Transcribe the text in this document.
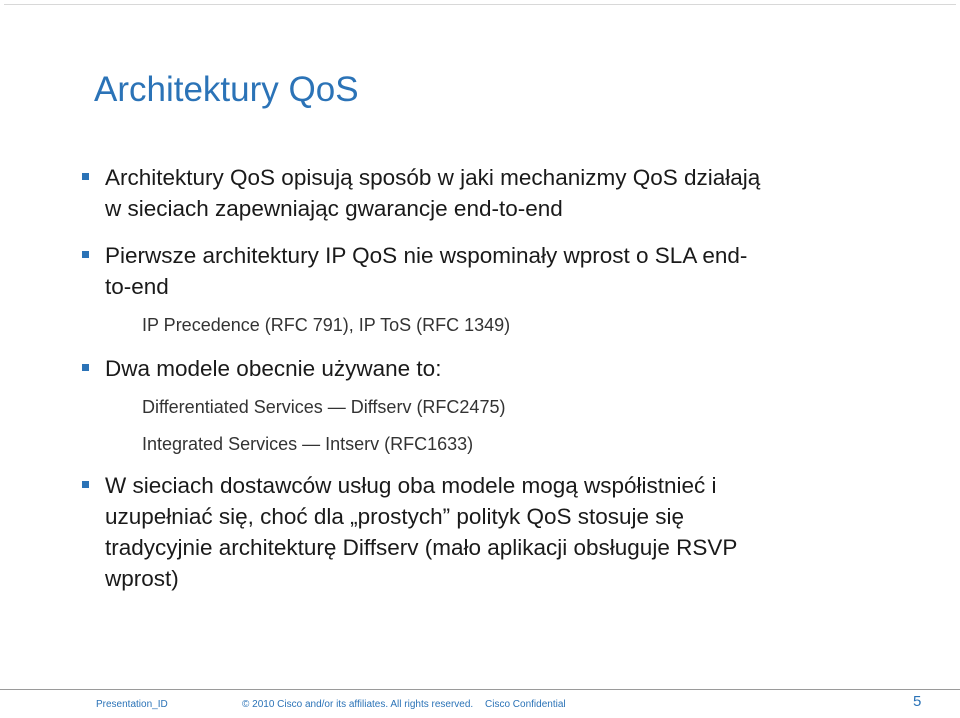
Architektury QoS
Architektury QoS opisują sposób w jaki mechanizmy QoS działają
w sieciach zapewniając gwarancje end-to-end
Pierwsze architektury IP QoS nie wspominały wprost o SLA end-
to-end
IP Precedence (RFC 791), IP ToS (RFC 1349)
Dwa modele obecnie używane to:
Differentiated Services — Diffserv (RFC2475)
Integrated Services — Intserv (RFC1633)
W sieciach dostawców usług oba modele mogą współistnieć i
uzupełniać się, choć dla „prostych” polityk QoS stosuje się
tradycyjnie architekturę Diffserv (mało aplikacji obsługuje RSVP
wprost)
Presentation_ID	© 2010 Cisco and/or its affiliates. All rights reserved. Cisco Confidential	5
